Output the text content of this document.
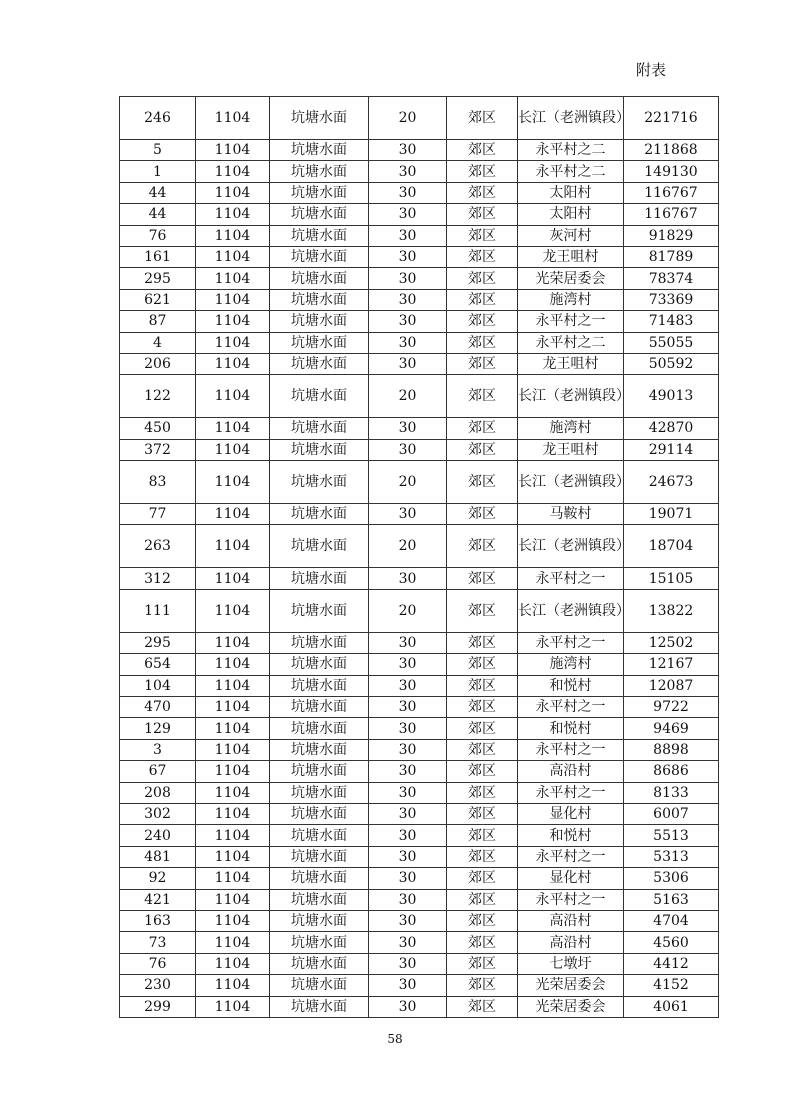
附表
246	1104	坑塘水面	20	郊区	长江（老洲镇段）	221716
5	1104	坑塘水面	30	郊区	永平村之二	211868
1	1104	坑塘水面	30	郊区	永平村之二	149130
44	1104	坑塘水面	30	郊区	太阳村	116767
44	1104	坑塘水面	30	郊区	太阳村	116767
76	1104	坑塘水面	30	郊区	灰河村	91829
161	1104	坑塘水面	30	郊区	龙王咀村	81789
295	1104	坑塘水面	30	郊区	光荣居委会	78374
621	1104	坑塘水面	30	郊区	施湾村	73369
87	1104	坑塘水面	30	郊区	永平村之一	71483
4	1104	坑塘水面	30	郊区	永平村之二	55055
206	1104	坑塘水面	30	郊区	龙王咀村	50592
122	1104	坑塘水面	20	郊区	长江（老洲镇段）	49013
450	1104	坑塘水面	30	郊区	施湾村	42870
372	1104	坑塘水面	30	郊区	龙王咀村	29114
83	1104	坑塘水面	20	郊区	长江（老洲镇段）	24673
77	1104	坑塘水面	30	郊区	马鞍村	19071
263	1104	坑塘水面	20	郊区	长江（老洲镇段）	18704
312	1104	坑塘水面	30	郊区	永平村之一	15105
111	1104	坑塘水面	20	郊区	长江（老洲镇段）	13822
295	1104	坑塘水面	30	郊区	永平村之一	12502
654	1104	坑塘水面	30	郊区	施湾村	12167
104	1104	坑塘水面	30	郊区	和悦村	12087
470	1104	坑塘水面	30	郊区	永平村之一	9722
129	1104	坑塘水面	30	郊区	和悦村	9469
3	1104	坑塘水面	30	郊区	永平村之一	8898
67	1104	坑塘水面	30	郊区	高沿村	8686
208	1104	坑塘水面	30	郊区	永平村之一	8133
302	1104	坑塘水面	30	郊区	显化村	6007
240	1104	坑塘水面	30	郊区	和悦村	5513
481	1104	坑塘水面	30	郊区	永平村之一	5313
92	1104	坑塘水面	30	郊区	显化村	5306
421	1104	坑塘水面	30	郊区	永平村之一	5163
163	1104	坑塘水面	30	郊区	高沿村	4704
73	1104	坑塘水面	30	郊区	高沿村	4560
76	1104	坑塘水面	30	郊区	七墩圩	4412
230	1104	坑塘水面	30	郊区	光荣居委会	4152
299	1104	坑塘水面	30	郊区	光荣居委会	4061
58
